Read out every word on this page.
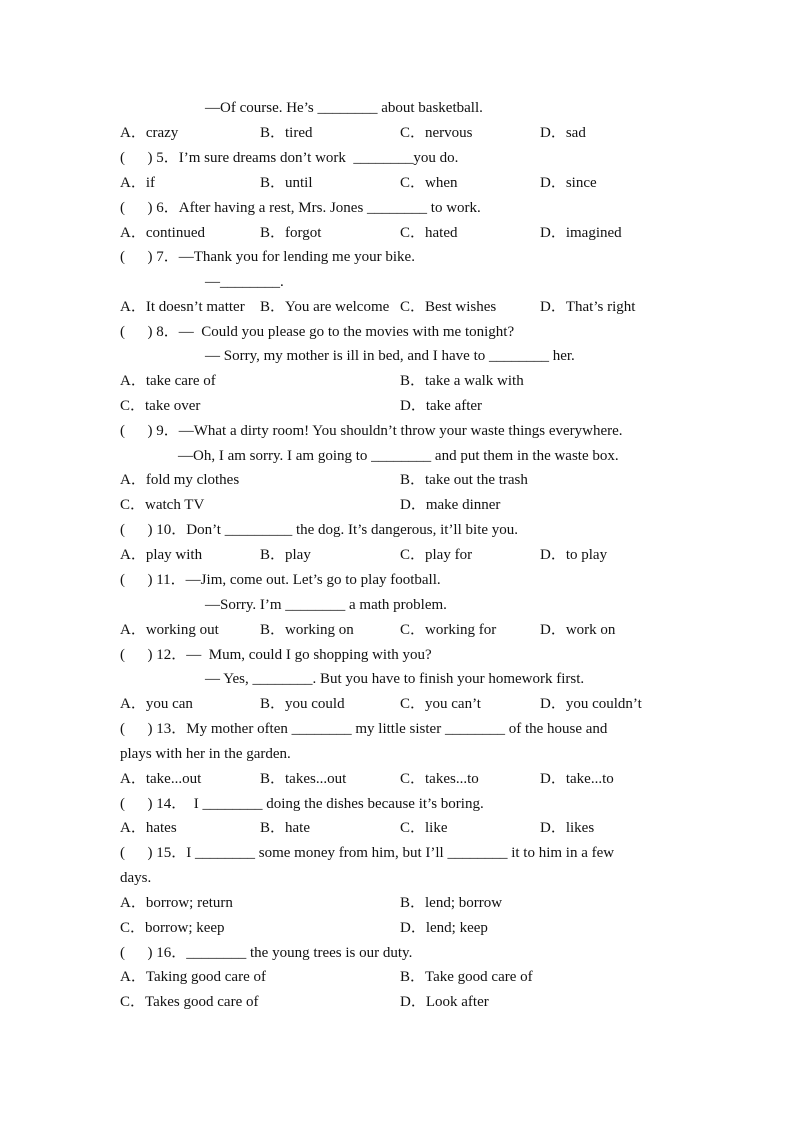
—Of course. He’s ________ about basketball.
A．crazy	B．tired	C．nervous	D．sad
(      ) 5．I’m sure dreams don’t work  ________you do.
A．if	B．until	C．when	D．since
(      ) 6．After having a rest, Mrs. Jones ________ to work.
A．continued	B．forgot	C．hated	D．imagined
(      ) 7．—Thank you for lending me your bike.
—________.
A．It doesn’t matter B．You are welcome C．Best wishes	D．That’s right
(      ) 8．—  Could you please go to the movies with me tonight?
— Sorry, my mother is ill in bed, and I have to ________ her.
A．take care of	B．take a walk with
C．take over	D．take after
(      ) 9．—What a dirty room! You shouldn’t throw your waste things everywhere.
—Oh, I am sorry. I am going to ________ and put them in the waste box.
A．fold my clothes	B．take out the trash
C．watch TV	D．make dinner
(      ) 10．Don’t _________ the dog. It’s dangerous, it’ll bite you.
A．play with	B．play	C．play for	D．to play
(      ) 11．—Jim, come out. Let’s go to play football.
—Sorry. I’m ________ a math problem.
A．working out	B．working on	C．working for	D．work on
(      ) 12．—  Mum, could I go shopping with you?
— Yes, ________. But you have to finish your homework first.
A．you can	B．you could	C．you can’t	D．you couldn’t
(      ) 13．My mother often ________ my little sister ________ of the house and
plays with her in the garden.
A．take...out	B．takes...out	C．takes...to	D．take...to
(      ) 14．  I ________ doing the dishes because it’s boring.
A．hates	B．hate	C．like	D．likes
(      ) 15．I ________ some money from him, but I’ll ________ it to him in a few
days.
A．borrow; return	B．lend; borrow
C．borrow; keep	D．lend; keep
(      ) 16．________ the young trees is our duty.
A．Taking good care of	B．Take good care of
C．Takes good care of	D．Look after
